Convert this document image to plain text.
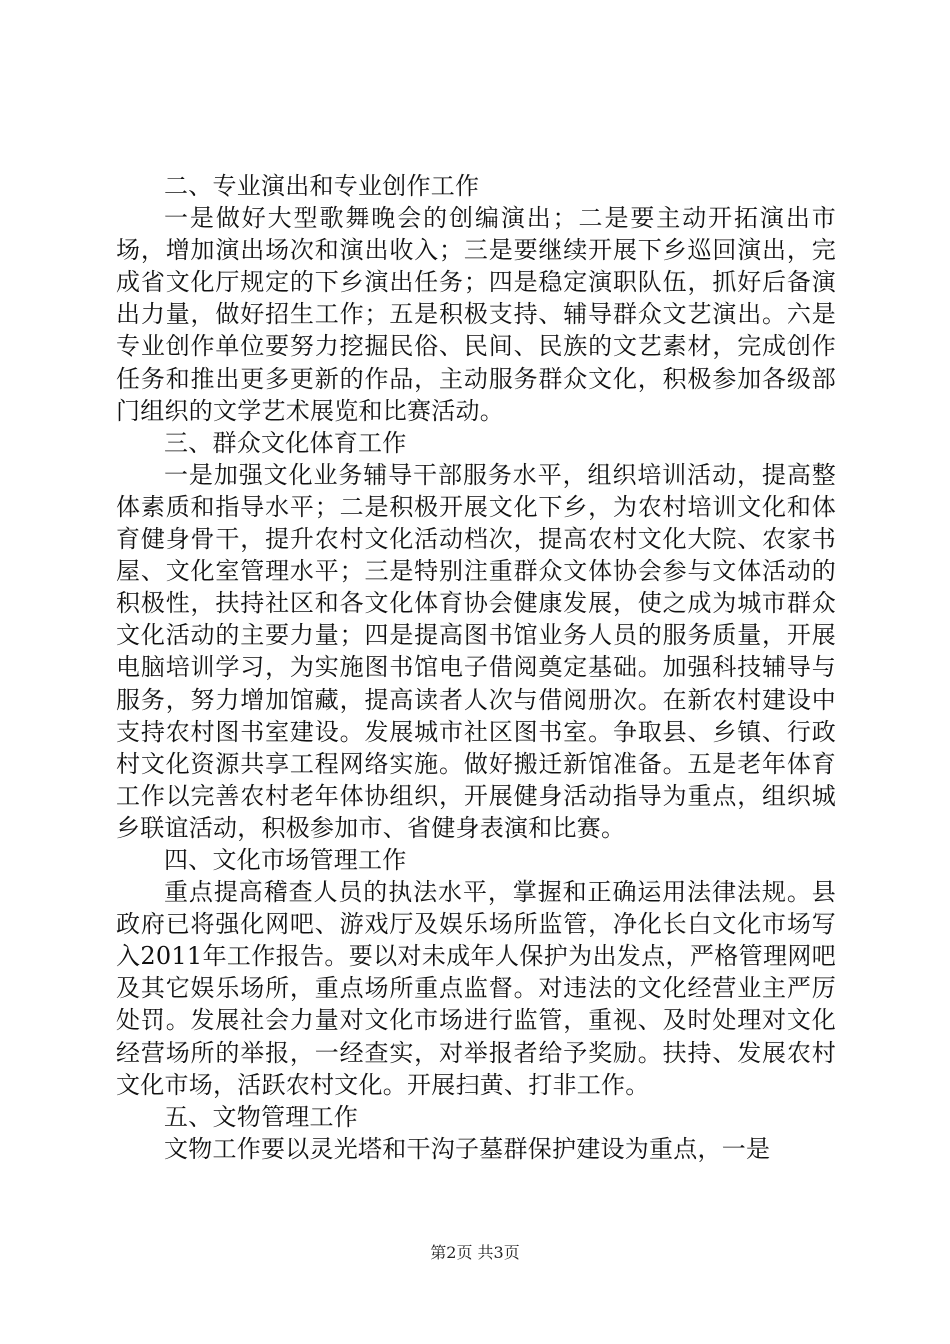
二、专业演出和专业创作工作

一是做好大型歌舞晚会的创编演出；二是要主动开拓演出市场，增加演出场次和演出收入；三是要继续开展下乡巡回演出，完成省文化厅规定的下乡演出任务；四是稳定演职队伍，抓好后备演出力量，做好招生工作；五是积极支持、辅导群众文艺演出。六是专业创作单位要努力挖掘民俗、民间、民族的文艺素材，完成创作任务和推出更多更新的作品，主动服务群众文化，积极参加各级部门组织的文学艺术展览和比赛活动。

三、群众文化体育工作

一是加强文化业务辅导干部服务水平，组织培训活动，提高整体素质和指导水平；二是积极开展文化下乡，为农村培训文化和体育健身骨干，提升农村文化活动档次，提高农村文化大院、农家书屋、文化室管理水平；三是特别注重群众文体协会参与文体活动的积极性，扶持社区和各文化体育协会健康发展，使之成为城市群众文化活动的主要力量；四是提高图书馆业务人员的服务质量，开展电脑培训学习，为实施图书馆电子借阅奠定基础。加强科技辅导与服务，努力增加馆藏，提高读者人次与借阅册次。在新农村建设中支持农村图书室建设。发展城市社区图书室。争取县、乡镇、行政村文化资源共享工程网络实施。做好搬迁新馆准备。五是老年体育工作以完善农村老年体协组织，开展健身活动指导为重点，组织城乡联谊活动，积极参加市、省健身表演和比赛。

四、文化市场管理工作

重点提高稽查人员的执法水平，掌握和正确运用法律法规。县政府已将强化网吧、游戏厅及娱乐场所监管，净化长白文化市场写入2011年工作报告。要以对未成年人保护为出发点，严格管理网吧及其它娱乐场所，重点场所重点监督。对违法的文化经营业主严厉处罚。发展社会力量对文化市场进行监管，重视、及时处理对文化经营场所的举报，一经查实，对举报者给予奖励。扶持、发展农村文化市场，活跃农村文化。开展扫黄、打非工作。

五、文物管理工作

文物工作要以灵光塔和干沟子墓群保护建设为重点，一是

第2页 共3页
